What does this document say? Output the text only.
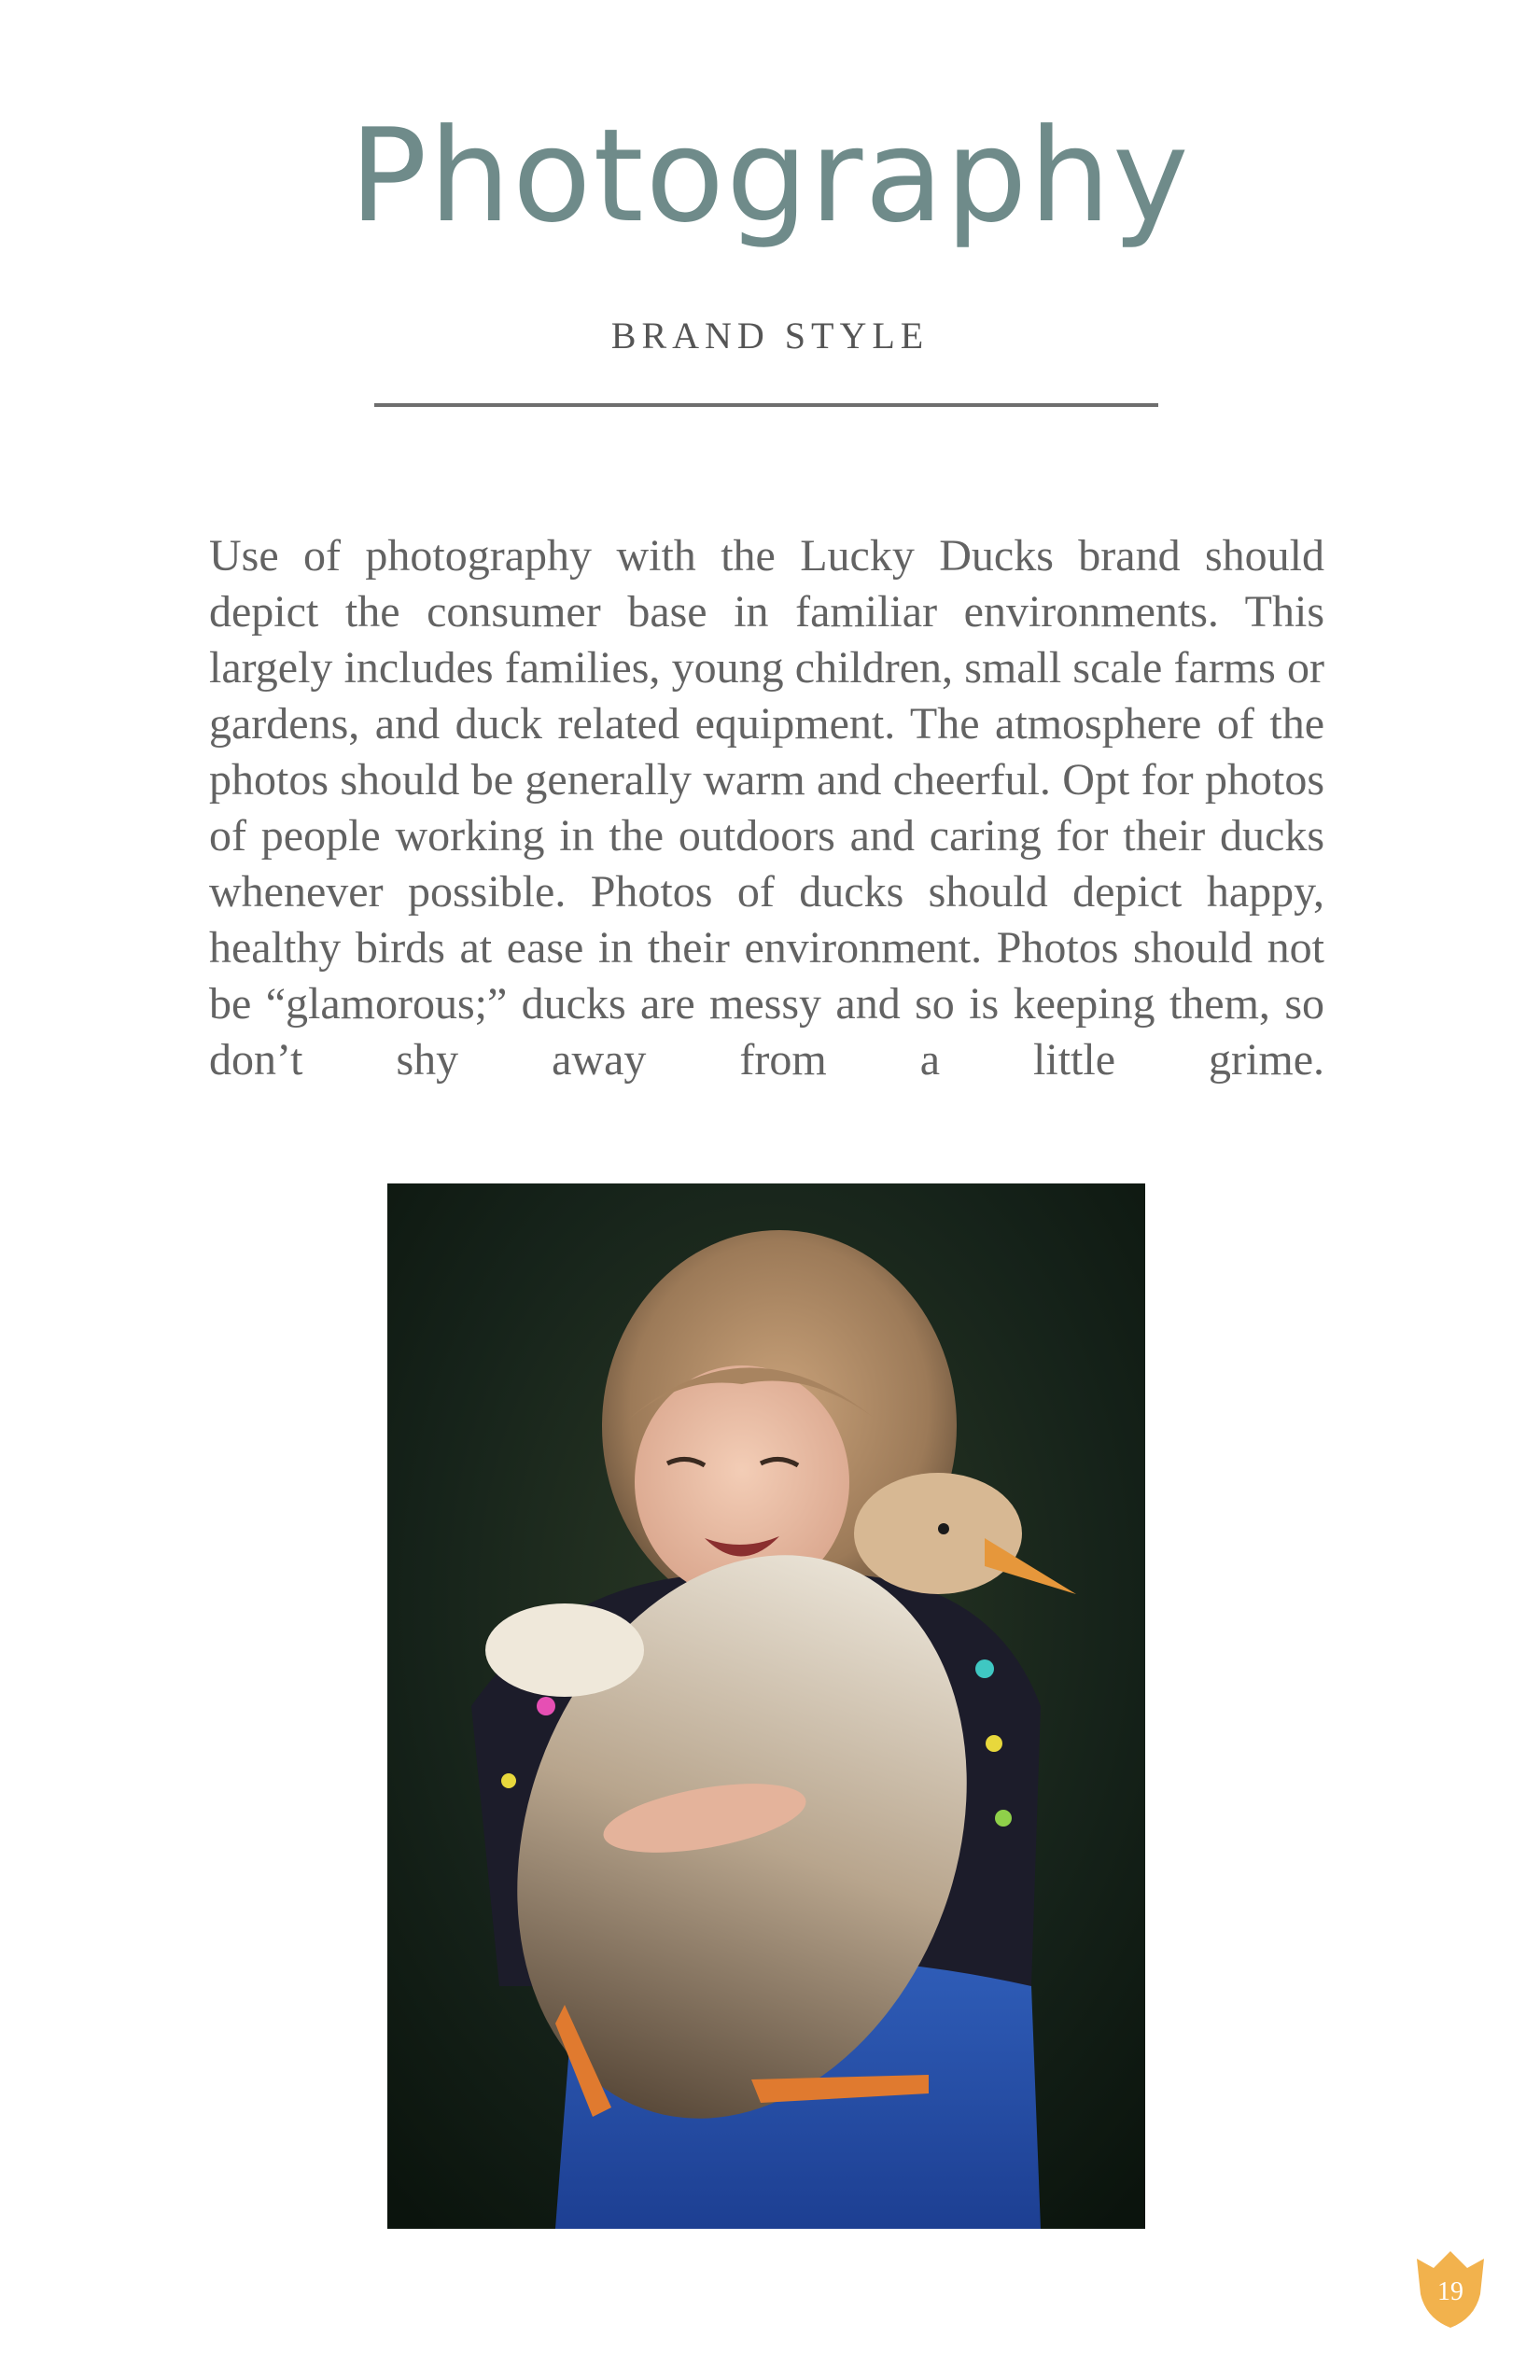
Photography
BRAND STYLE

Use of photography with the Lucky Ducks brand should depict the consumer base in familiar environments. This largely includes families, young children, small scale farms or gardens, and duck related equipment. The atmosphere of the photos should be generally warm and cheerful. Opt for photos of people working in the outdoors and caring for their ducks whenever possible. Photos of ducks should depict happy, healthy birds at ease in their environment. Photos should not be “glamorous;” ducks are messy and so is keeping them, so don’t shy away from a little grime.

19
